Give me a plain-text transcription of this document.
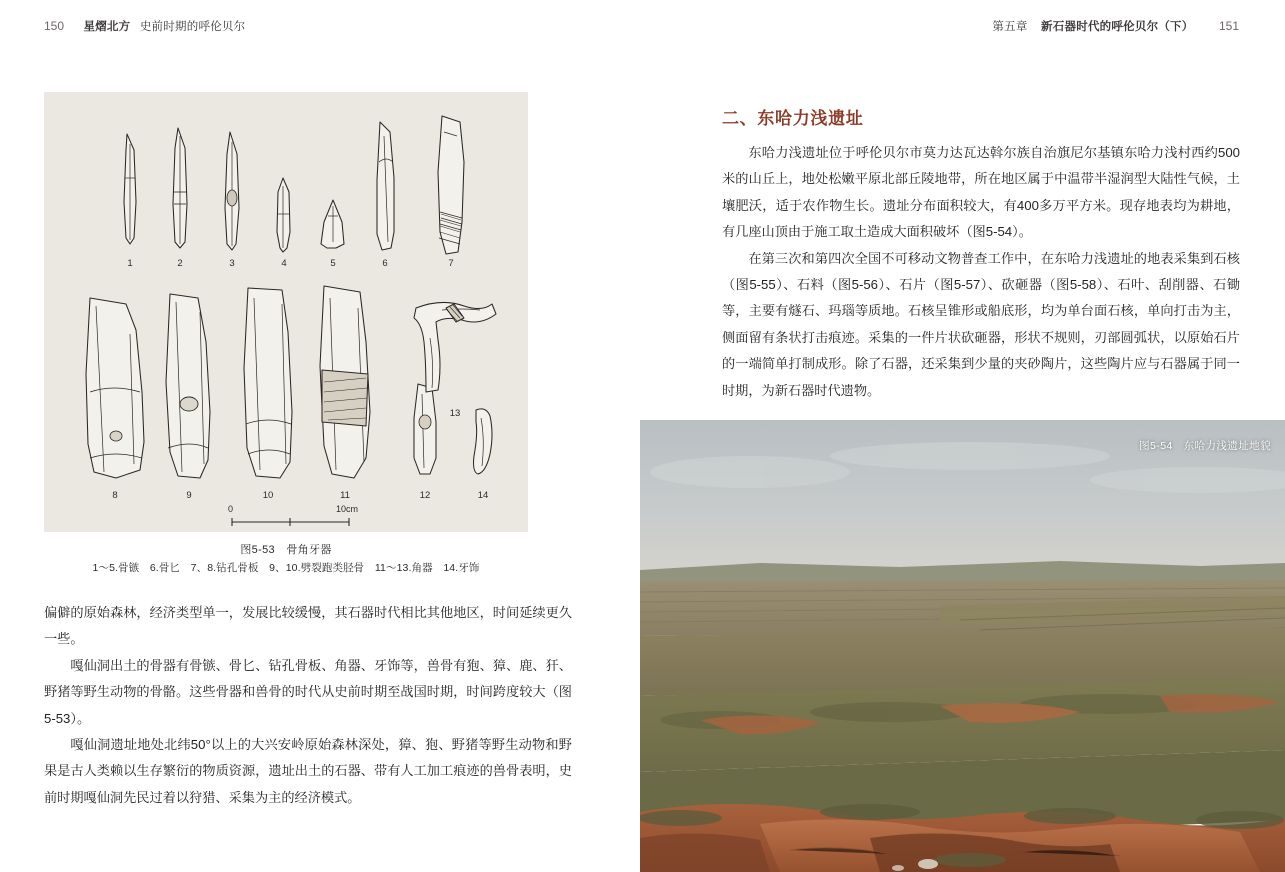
150 星熠北方 史前时期的呼伦贝尔	第五章 新石器时代的呼伦贝尔（下） 151
1	2	3	4	5	6	7
8	9	10	11	12
13
14
0	10cm
图5-53　骨角牙器
1～5.骨镞　6.骨匕　7、8.钻孔骨板　9、10.劈裂跑类胫骨　11～13.角器　14.牙饰

偏僻的原始森林，经济类型单一，发展比较缓慢，其石器时代相比其他地区，时间延续更久一些。

嘎仙洞出土的骨器有骨镞、骨匕、钻孔骨板、角器、牙饰等，兽骨有狍、獐、鹿、犴、野猪等野生动物的骨骼。这些骨器和兽骨的时代从史前时期至战国时期，时间跨度较大（图5-53）。

嘎仙洞遗址地处北纬50°以上的大兴安岭原始森林深处，獐、狍、野猪等野生动物和野果是古人类赖以生存繁衍的物质资源，遗址出土的石器、带有人工加工痕迹的兽骨表明，史前时期嘎仙洞先民过着以狩猎、采集为主的经济模式。

二、东哈力浅遗址

东哈力浅遗址位于呼伦贝尔市莫力达瓦达斡尔族自治旗尼尔基镇东哈力浅村西约500米的山丘上，地处松嫩平原北部丘陵地带，所在地区属于中温带半湿润型大陆性气候，土壤肥沃，适于农作物生长。遗址分布面积较大，有400多万平方米。现存地表均为耕地，有几座山顶由于施工取土造成大面积破坏（图5-54）。

在第三次和第四次全国不可移动文物普查工作中，在东哈力浅遗址的地表采集到石核（图5-55）、石料（图5-56）、石片（图5-57）、砍砸器（图5-58）、石叶、刮削器、石锄等，主要有燧石、玛瑙等质地。石核呈锥形或船底形，均为单台面石核，单向打击为主，侧面留有条状打击痕迹。采集的一件片状砍砸器，形状不规则，刃部圆弧状，以原始石片的一端简单打制成形。除了石器，还采集到少量的夹砂陶片，这些陶片应与石器属于同一时期，为新石器时代遗物。

图5-54　东哈力浅遗址地貌
